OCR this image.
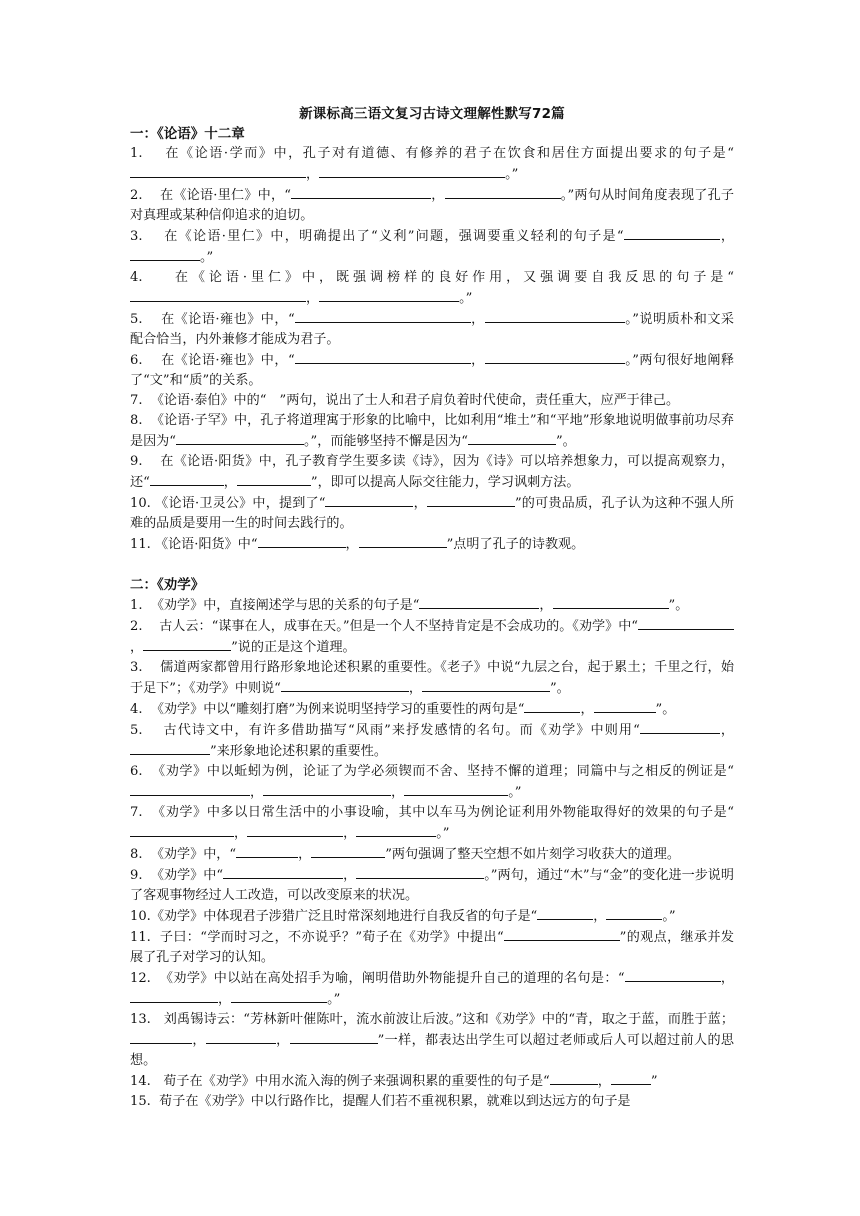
新课标高三语文复习古诗文理解性默写72篇

一：《论语》十二章

1. 在《论语·学而》中，孔子对有道德、有修养的君子在饮食和居住方面提出要求的句子是“，	。”

2. 在《论语·里仁》中，“	，	。”两句从时间角度表现了孔子对真理或某种信仰追求的迫切。

3. 在《论语·里仁》中，明确提出了“义利”问题，强调要重义轻利的句子是“	，。”

4. 在《论语·里仁》中，既强调榜样的良好作用，又强调要自我反思的句子是“，	。”

5. 在《论语·雍也》中，“	，	。”说明质朴和文采配合恰当，内外兼修才能成为君子。

6. 在《论语·雍也》中，“	，	。”两句很好地阐释了“文”和“质”的关系。

7. 《论语·泰伯》中的“　”两句，说出了士人和君子肩负着时代使命，责任重大，应严于律己。

8. 《论语·子罕》中，孔子将道理寓于形象的比喻中，比如利用“堆土”和“平地”形象地说明做事前功尽弃是因为“	。”，而能够坚持不懈是因为“	”。

9. 在《论语·阳货》中，孔子教育学生要多读《诗》，因为《诗》可以培养想象力，可以提高观察力，还“	，	”，即可以提高人际交往能力，学习讽刺方法。

10. 《论语·卫灵公》中，提到了“	，	”的可贵品质，孔子认为这种不强人所难的品质是要用一生的时间去践行的。

11. 《论语·阳货》中“	，	”点明了孔子的诗教观。

二：《劝学》

1. 《劝学》中，直接阐述学与思的关系的句子是“	，	”。

2. 古人云：“谋事在人，成事在天。”但是一个人不坚持肯定是不会成功的。《劝学》中“，	”说的正是这个道理。

3. 儒道两家都曾用行路形象地论述积累的重要性。《老子》中说“九层之台，起于累土；千里之行，始于足下”；《劝学》中则说“	，	”。

4. 《劝学》中以“雕刻打磨”为例来说明坚持学习的重要性的两句是“	，	”。

5. 古代诗文中，有许多借助描写“风雨”来抒发感情的名句。而《劝学》中则用“	，”来形象地论述积累的重要性。

6. 《劝学》中以蚯蚓为例，论证了为学必须锲而不舍、坚持不懈的道理；同篇中与之相反的例证是“，	，	。”

7. 《劝学》中多以日常生活中的小事设喻，其中以车马为例论证利用外物能取得好的效果的句子是“，	，	。”

8. 《劝学》中，“	，	”两句强调了整天空想不如片刻学习收获大的道理。

9. 《劝学》中“	，	。”两句，通过“木”与“金”的变化进一步说明了客观事物经过人工改造，可以改变原来的状况。

10.《劝学》中体现君子涉猎广泛且时常深刻地进行自我反省的句子是“	，	。”

11. 子曰：“学而时习之，不亦说乎？”荀子在《劝学》中提出“	”的观点，继承并发展了孔子对学习的认知。

12. 《劝学》中以站在高处招手为喻，阐明借助外物能提升自己的道理的名句是：“	，，	。”

13. 刘禹锡诗云：“芳林新叶催陈叶，流水前波让后波。”这和《劝学》中的“青，取之于蓝，而胜于蓝；，	，	”一样，都表达出学生可以超过老师或后人可以超过前人的思想。

14. 荀子在《劝学》中用水流入海的例子来强调积累的重要性的句子是“	，	”

15. 荀子在《劝学》中以行路作比，提醒人们若不重视积累，就难以到达远方的句子是
